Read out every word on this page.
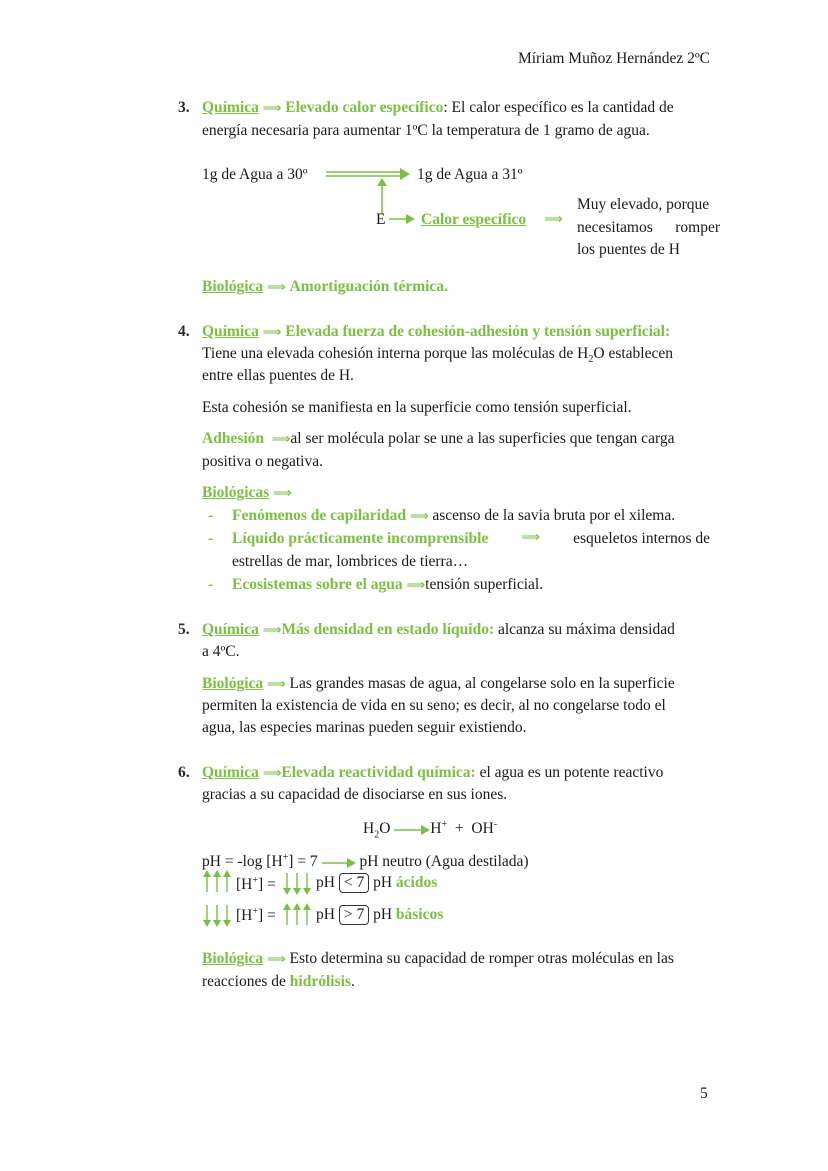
Míriam Muñoz Hernández 2ºC
3. Química ⟹ Elevado calor específico: El calor específico es la cantidad de
energía necesaria para aumentar 1ºC la temperatura de 1 gramo de agua.
1g de Agua a 30º	1g de Agua a 31º
E Calor específico ⟹
Muy elevado, porque
necesitamos romper
los puentes de H
Biológica ⟹ Amortiguación térmica.
4. Química ⟹ Elevada fuerza de cohesión-adhesión y tensión superficial:
Tiene una elevada cohesión interna porque las moléculas de $H_2O$ establecen
entre ellas puentes de H.
Esta cohesión se manifiesta en la superficie como tensión superficial.
Adhesión ⟹al ser molécula polar se une a las superficies que tengan carga
positiva o negativa.
Biológicas ⟹
- Fenómenos de capilaridad ⟹ ascenso de la savia bruta por el xilema.
- Líquido prácticamente incomprensible	⟹ esqueletos internos de
estrellas de mar, lombrices de tierra…
- Ecosistemas sobre el agua ⟹tensión superficial.
5. Química ⟹Más densidad en estado líquido: alcanza su máxima densidad
a 4ºC.
Biológica ⟹ Las grandes masas de agua, al congelarse solo en la superficie
permiten la existencia de vida en su seno; es decir, al no congelarse todo el
agua, las especies marinas pueden seguir existiendo.
6. Química ⟹Elevada reactividad química: el agua es un potente reactivo
gracias a su capacidad de disociarse en sus iones.
$H_2O$	H+ + OH-
pH = -log [H+] = 7	pH neutro (Agua destilada)
[H+] =	pH < 7 pH ácidos
[H+] =	pH > 7 pH básicos
Biológica ⟹ Esto determina su capacidad de romper otras moléculas en las
reacciones de hidrólisis.
5
